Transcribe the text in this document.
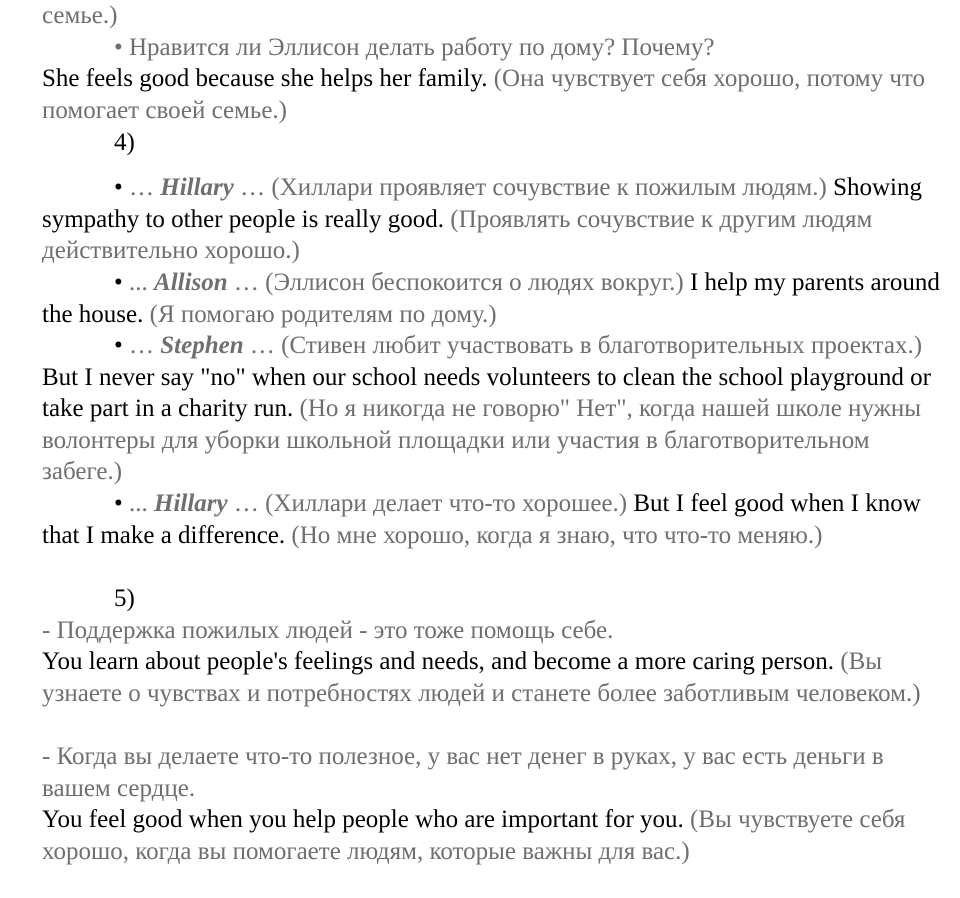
семье.)

• Нравится ли Эллисон делать работу по дому? Почему?

She feels good because she helps her family. (Она чувствует себя хорошо, потому что помогает своей семье.)

4)

• … Hillary … (Хиллари проявляет сочувствие к пожилым людям.) Showing sympathy to other people is really good. (Проявлять сочувствие к другим людям действительно хорошо.)

• ... Allison … (Эллисон беспокоится о людях вокруг.) I help my parents around the house. (Я помогаю родителям по дому.)

• … Stephen … (Стивен любит участвовать в благотворительных проектах.) But I never say "no" when our school needs volunteers to clean the school playground or take part in a charity run. (Но я никогда не говорю" Нет", когда нашей школе нужны волонтеры для уборки школьной площадки или участия в благотворительном забеге.)

• ... Hillary … (Хиллари делает что-то хорошее.) But I feel good when I know that I make a difference. (Но мне хорошо, когда я знаю, что что-то меняю.)

5)

- Поддержка пожилых людей - это тоже помощь себе.

You learn about people's feelings and needs, and become a more caring person. (Вы узнаете о чувствах и потребностях людей и станете более заботливым человеком.)

- Когда вы делаете что-то полезное, у вас нет денег в руках, у вас есть деньги в вашем сердце.

You feel good when you help people who are important for you. (Вы чувствуете себя хорошо, когда вы помогаете людям, которые важны для вас.)
